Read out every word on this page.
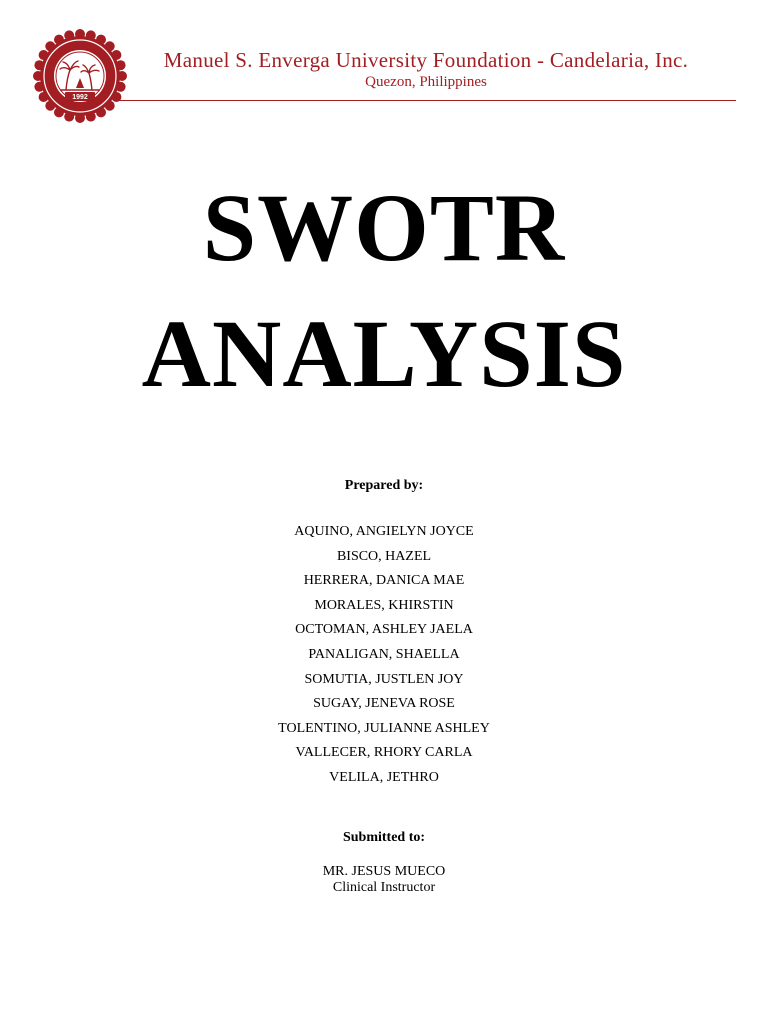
1992
Manuel S. Enverga University Foundation - Candelaria, Inc.
Quezon, Philippines
SWOTR
ANALYSIS
Prepared by:
AQUINO, ANGIELYN JOYCE
BISCO, HAZEL
HERRERA, DANICA MAE
MORALES, KHIRSTIN
OCTOMAN, ASHLEY JAELA
PANALIGAN, SHAELLA
SOMUTIA, JUSTLEN JOY
SUGAY, JENEVA ROSE
TOLENTINO, JULIANNE ASHLEY
VALLECER, RHORY CARLA
VELILA, JETHRO
Submitted to:
MR. JESUS MUECO
Clinical Instructor
